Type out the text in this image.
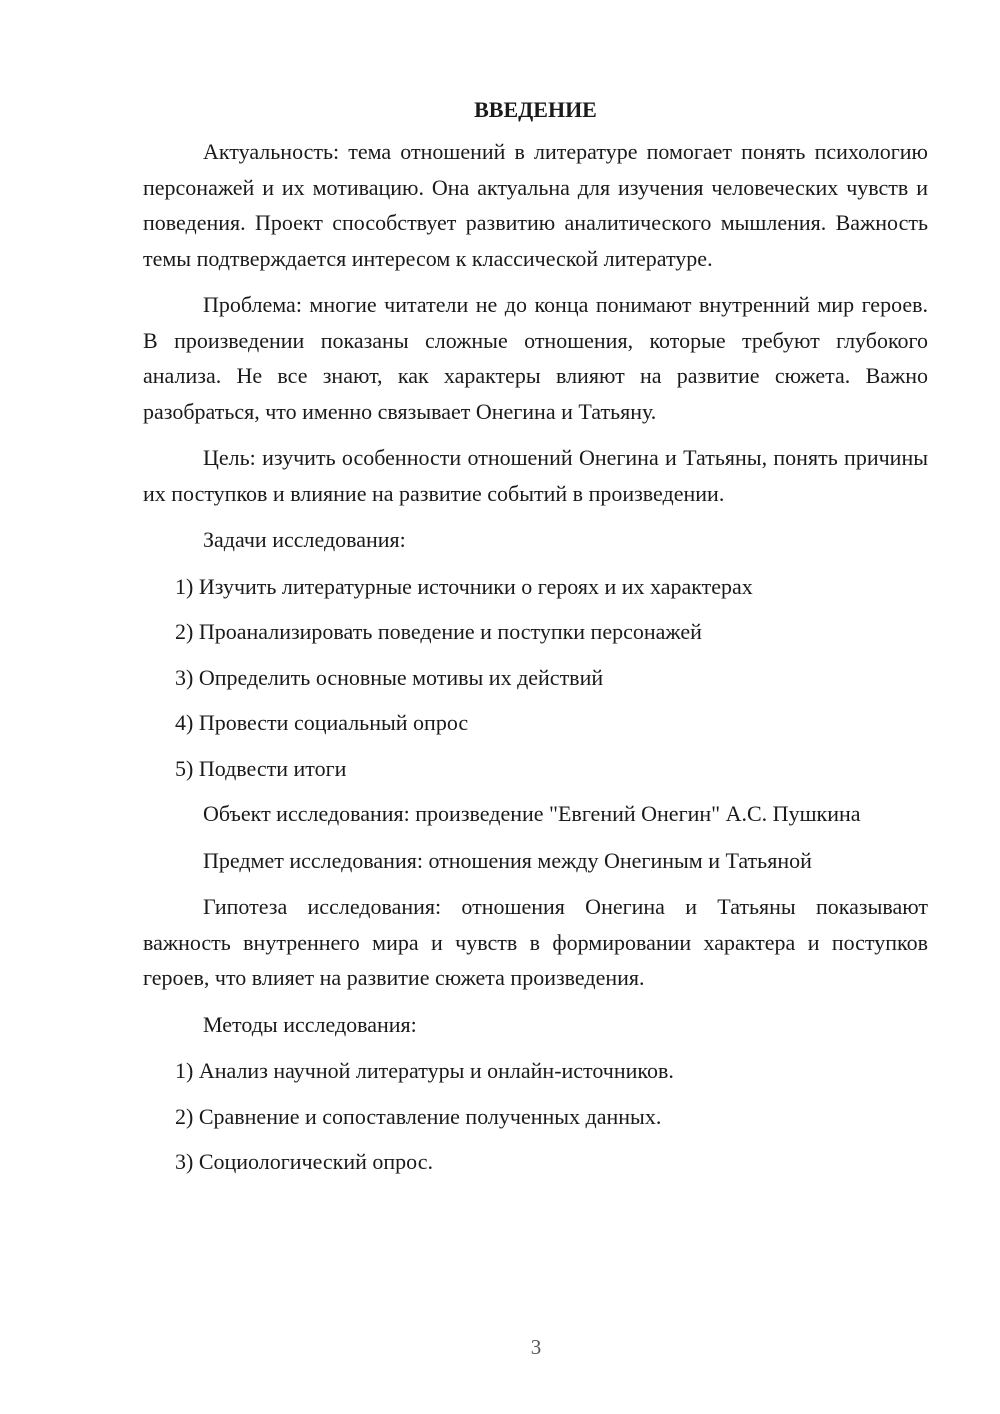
ВВЕДЕНИЕ

Актуальность: тема отношений в литературе помогает понять психологию персонажей и их мотивацию. Она актуальна для изучения человеческих чувств и поведения. Проект способствует развитию аналитического мышления. Важность темы подтверждается интересом к классической литературе.

Проблема: многие читатели не до конца понимают внутренний мир героев. В произведении показаны сложные отношения, которые требуют глубокого анализа. Не все знают, как характеры влияют на развитие сюжета. Важно разобраться, что именно связывает Онегина и Татьяну.

Цель: изучить особенности отношений Онегина и Татьяны, понять причины их поступков и влияние на развитие событий в произведении.

Задачи исследования:

1) Изучить литературные источники о героях и их характерах
2) Проанализировать поведение и поступки персонажей
3) Определить основные мотивы их действий
4) Провести социальный опрос
5) Подвести итоги

Объект исследования: произведение "Евгений Онегин" А.С. Пушкина

Предмет исследования: отношения между Онегиным и Татьяной

Гипотеза исследования: отношения Онегина и Татьяны показывают важность внутреннего мира и чувств в формировании характера и поступков героев, что влияет на развитие сюжета произведения.

Методы исследования:

1) Анализ научной литературы и онлайн-источников.
2) Сравнение и сопоставление полученных данных.
3) Социологический опрос.
3
